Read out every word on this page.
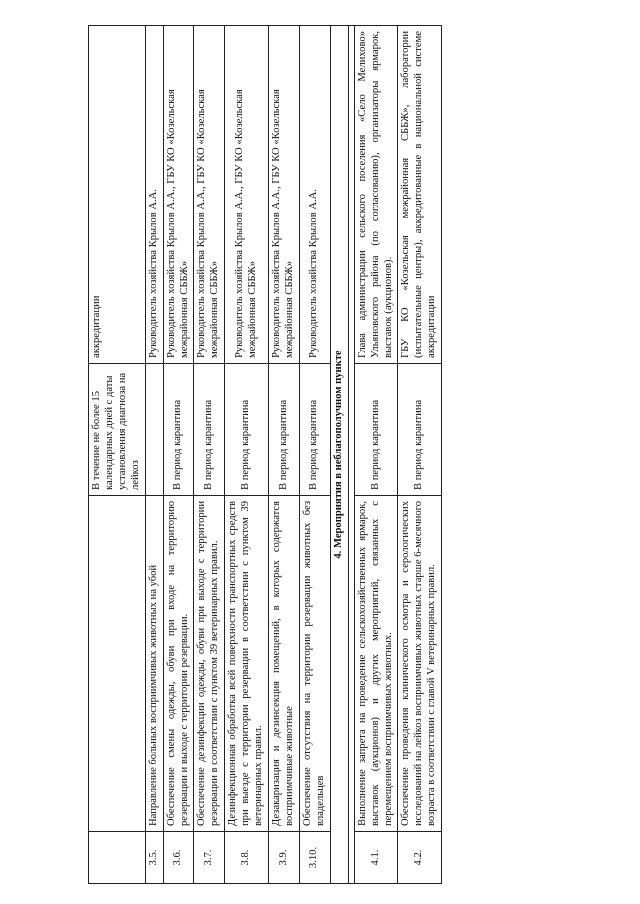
		В течение не более 15 календарных дней с даты установления диагноза на лейкоз	аккредитации
3.5.	Направление больных восприимчивых животных на убой		Руководитель хозяйства Крылов А.А.
3.6.	Обеспечение смены одежды, обуви при входе на территорию резервации и выходе с территории резервации.	В период карантина	Руководитель хозяйства Крылов А.А., ГБУ КО «Козельская межрайонная СББЖ»
3.7.	Обеспечение дезинфекции одежды, обуви при выходе с территории резервации в соответствии с пунктом 39 ветеринарных правил.	В период карантина	Руководитель хозяйства Крылов А.А., ГБУ КО «Козельская межрайонная СББЖ»
3.8.	Дезинфекционная обработка всей поверхности транспортных средств при выезде с территории резервации в соответствии с пунктом 39 ветеринарных правил.	В период карантина	Руководитель хозяйства Крылов А.А., ГБУ КО «Козельская межрайонная СББЖ»
3.9.	Дезакаризация и дезинсекция помещений, в которых содержатся восприимчивые животные	В период карантина	Руководитель хозяйства Крылов А.А., ГБУ КО «Козельская межрайонная СББЖ»
3.10.	Обеспечение отсутствия на территории резервации животных без владельцев	В период карантина	Руководитель хозяйства Крылов А.А.
4. Мероприятия в неблагополучном пункте			

4.1.	Выполнение запрета на проведение сельскохозяйственных ярмарок, выставок (аукционов) и других мероприятий, связанных с перемещением восприимчивых животных.	В период карантина	Глава администрации сельского поселения «Село Мелихово» Ульяновского района (по согласованию), организаторы ярмарок, выставок (аукционов).
4.2.	Обеспечение проведения клинического осмотра и серологических исследований на лейкоз восприимчивых животных старше 6-месячного возраста в соответствии с главой V ветеринарных правил.	В период карантина	ГБУ КО «Козельская межрайонная СББЖ», лаборатории (испытательные центры), аккредитованные в национальной системе аккредитации
